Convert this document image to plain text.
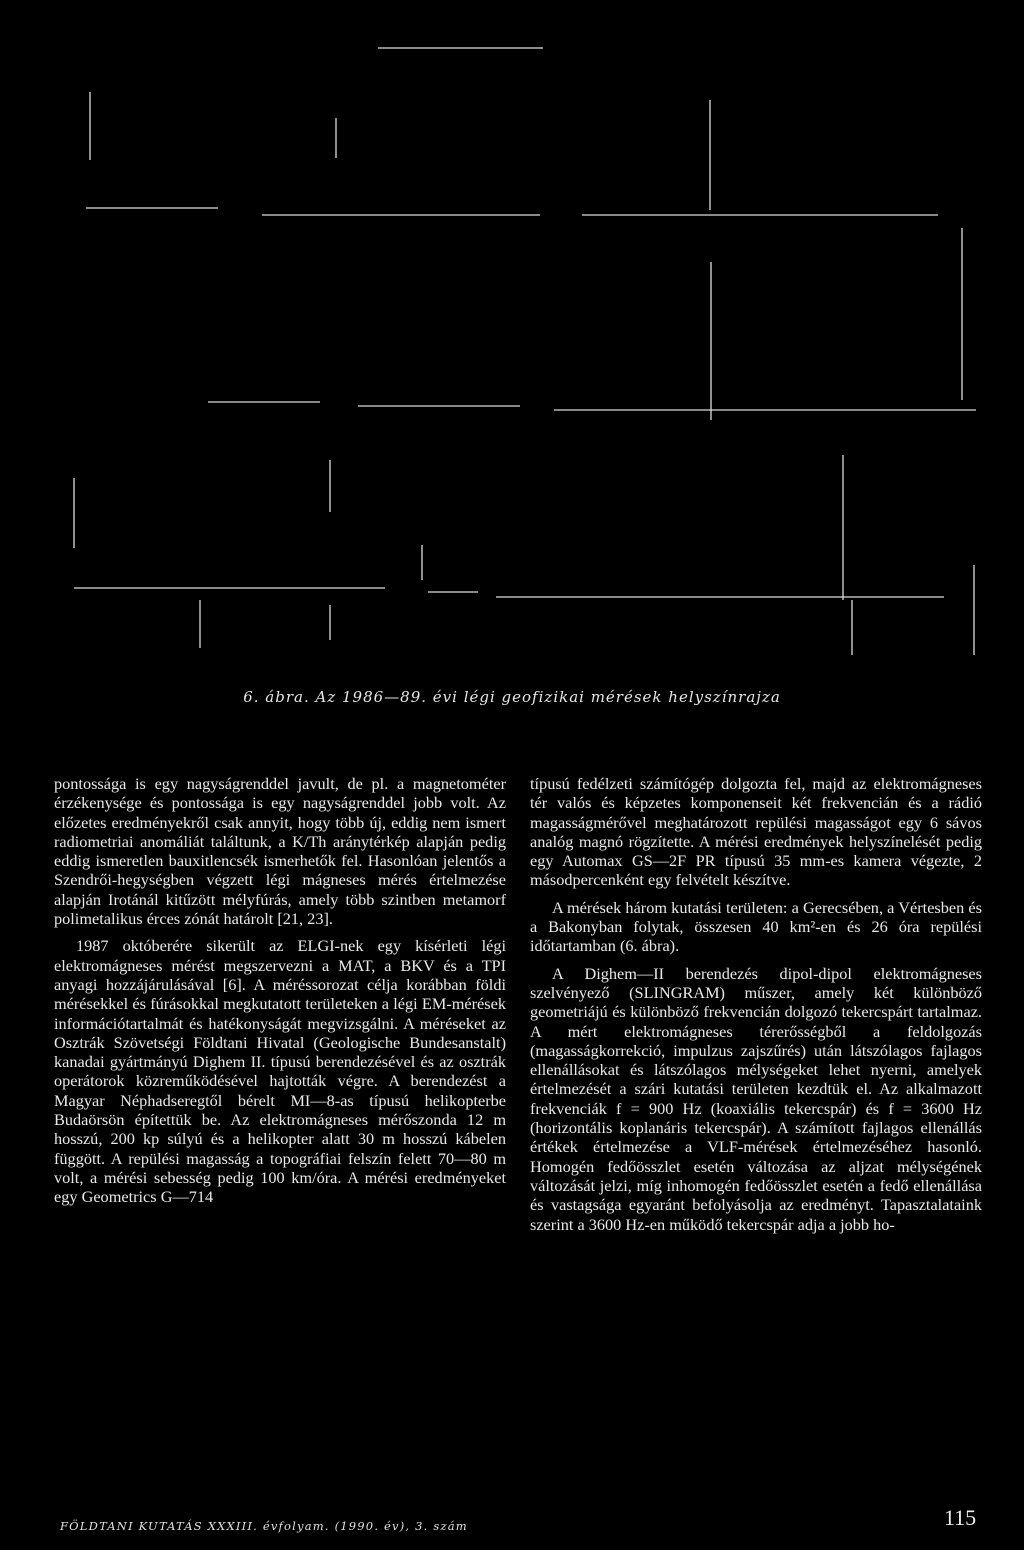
6. ábra. Az 1986—89. évi légi geofizikai mérések helyszínrajza

pontossága is egy nagyságrenddel javult, de pl. a magnetométer érzékenysége és pontossága is egy nagyságrenddel jobb volt. Az előzetes eredményekről csak annyit, hogy több új, eddig nem ismert radiometriai anomáliát találtunk, a K/Th aránytérkép alapján pedig eddig ismeretlen bauxitlencsék ismerhetők fel. Hasonlóan jelentős a Szendrői-hegységben végzett légi mágneses mérés értelmezése alapján Irotánál kitűzött mélyfúrás, amely több szintben metamorf polimetalikus érces zónát határolt [21, 23].

1987 októberére sikerült az ELGI-nek egy kísérleti légi elektromágneses mérést megszervezni a MAT, a BKV és a TPI anyagi hozzájárulásával [6]. A méréssorozat célja korábban földi mérésekkel és fúrásokkal megkutatott területeken a légi EM-mérések információtartalmát és hatékonyságát megvizsgálni. A méréseket az Osztrák Szövetségi Földtani Hivatal (Geologische Bundesanstalt) kanadai gyártmányú Dighem II. típusú berendezésével és az osztrák operátorok közreműködésével hajtották végre. A berendezést a Magyar Néphadseregtől bérelt MI—8-as típusú helikopterbe Budaörsön építettük be. Az elektromágneses mérőszonda 12 m hosszú, 200 kp súlyú és a helikopter alatt 30 m hosszú kábelen függött. A repülési magasság a topográfiai felszín felett 70—80 m volt, a mérési sebesség pedig 100 km/óra. A mérési eredményeket egy Geometrics G—714

típusú fedélzeti számítógép dolgozta fel, majd az elektromágneses tér valós és képzetes komponenseit két frekvencián és a rádió magasságmérővel meghatározott repülési magasságot egy 6 sávos analóg magnó rögzítette. A mérési eredmények helyszínelését pedig egy Automax GS—2F PR típusú 35 mm-es kamera végezte, 2 másodpercenként egy felvételt készítve.

A mérések három kutatási területen: a Gerecsében, a Vértesben és a Bakonyban folytak, összesen 40 km²-en és 26 óra repülési időtartamban (6. ábra).

A Dighem—II berendezés dipol-dipol elektromágneses szelvényező (SLINGRAM) műszer, amely két különböző geometriájú és különböző frekvencián dolgozó tekercspárt tartalmaz. A mért elektromágneses térerősségből a feldolgozás (magasságkorrekció, impulzus zajszűrés) után látszólagos fajlagos ellenállásokat és látszólagos mélységeket lehet nyerni, amelyek értelmezését a szári kutatási területen kezdtük el. Az alkalmazott frekvenciák f = 900 Hz (koaxiális tekercspár) és f = 3600 Hz (horizontális koplanáris tekercspár). A számított fajlagos ellenállás értékek értelmezése a VLF-mérések értelmezéséhez hasonló. Homogén fedőösszlet esetén változása az aljzat mélységének változását jelzi, míg inhomogén fedőösszlet esetén a fedő ellenállása és vastagsága egyaránt befolyásolja az eredményt. Tapasztalataink szerint a 3600 Hz-en működő tekercspár adja a jobb ho-

FÖLDTANI KUTATÁS XXXIII. évfolyam. (1990. év), 3. szám	115
